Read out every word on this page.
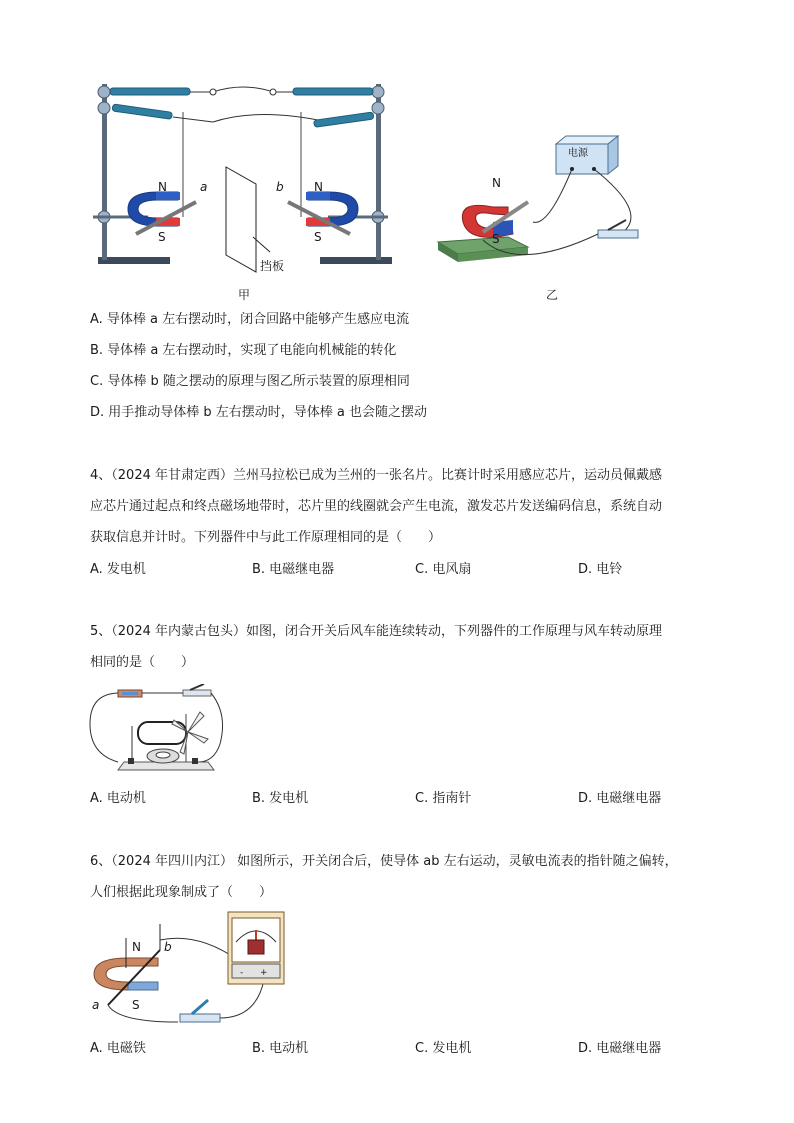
N
S
a	b	N
S
挡板
电源
N
S
甲	乙
A. 导体棒 a 左右摆动时，闭合回路中能够产生感应电流
B. 导体棒 a 左右摆动时，实现了电能向机械能的转化
C. 导体棒 b 随之摆动的原理与图乙所示装置的原理相同
D. 用手推动导体棒 b 左右摆动时，导体棒 a 也会随之摆动
4、（2024 年甘肃定西）兰州马拉松已成为兰州的一张名片。比赛计时采用感应芯片，运动员佩戴感
应芯片通过起点和终点磁场地带时，芯片里的线圈就会产生电流，激发芯片发送编码信息，系统自动
获取信息并计时。下列器件中与此工作原理相同的是（　　）
A. 发电机	B. 电磁继电器	C. 电风扇	D. 电铃
5、（2024 年内蒙古包头）如图，闭合开关后风车能连续转动，下列器件的工作原理与风车转动原理
相同的是（　　）
A. 电动机	B. 发电机	C. 指南针	D. 电磁继电器
6、（2024 年四川内江） 如图所示，开关闭合后，使导体 ab 左右运动，灵敏电流表的指针随之偏转，
人们根据此现象制成了（　　）
+
-
N b
a	S
A. 电磁铁	B. 电动机	C. 发电机	D. 电磁继电器
